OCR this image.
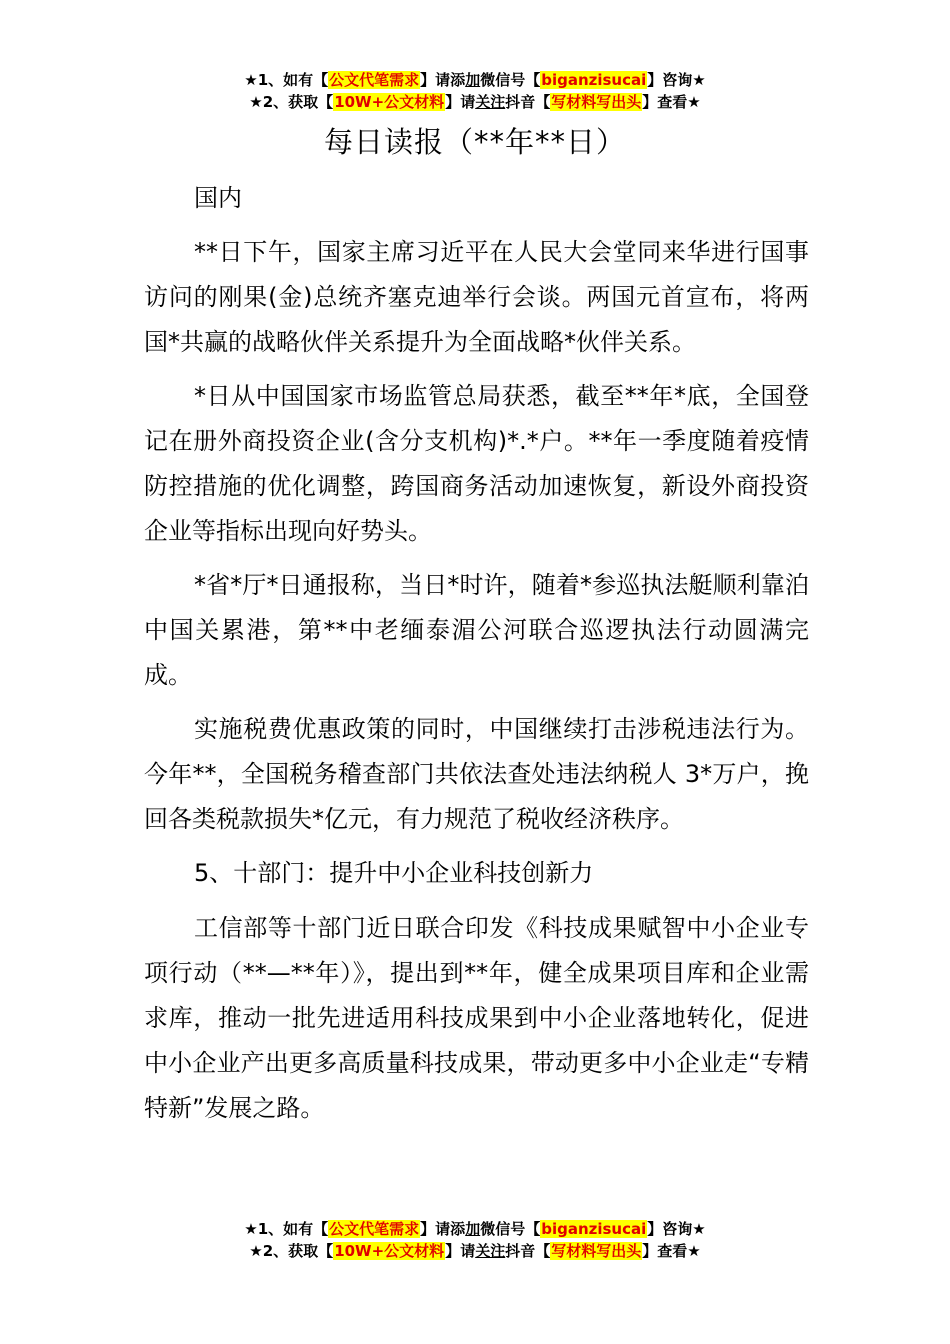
★1、如有【公文代笔需求】请添加微信号【biganzisucai】咨询★
★2、获取【10W+公文材料】请关注抖音【写材料写出头】查看★
每日读报（**年**日）

国内

**日下午，国家主席习近平在人民大会堂同来华进行国事访问的刚果(金)总统齐塞克迪举行会谈。两国元首宣布，将两国*共赢的战略伙伴关系提升为全面战略*伙伴关系。

*日从中国国家市场监管总局获悉，截至**年*底，全国登记在册外商投资企业(含分支机构)*.*户。**年一季度随着疫情防控措施的优化调整，跨国商务活动加速恢复，新设外商投资企业等指标出现向好势头。

*省*厅*日通报称，当日*时许，随着*参巡执法艇顺利靠泊中国关累港，第**中老缅泰湄公河联合巡逻执法行动圆满完成。

实施税费优惠政策的同时，中国继续打击涉税违法行为。今年**，全国税务稽查部门共依法查处违法纳税人 3*万户，挽回各类税款损失*亿元，有力规范了税收经济秩序。

5、十部门：提升中小企业科技创新力

工信部等十部门近日联合印发《科技成果赋智中小企业专项行动（**—**年）》，提出到**年，健全成果项目库和企业需求库，推动一批先进适用科技成果到中小企业落地转化，促进中小企业产出更多高质量科技成果，带动更多中小企业走“专精特新”发展之路。

★1、如有【公文代笔需求】请添加微信号【biganzisucai】咨询★
★2、获取【10W+公文材料】请关注抖音【写材料写出头】查看★
